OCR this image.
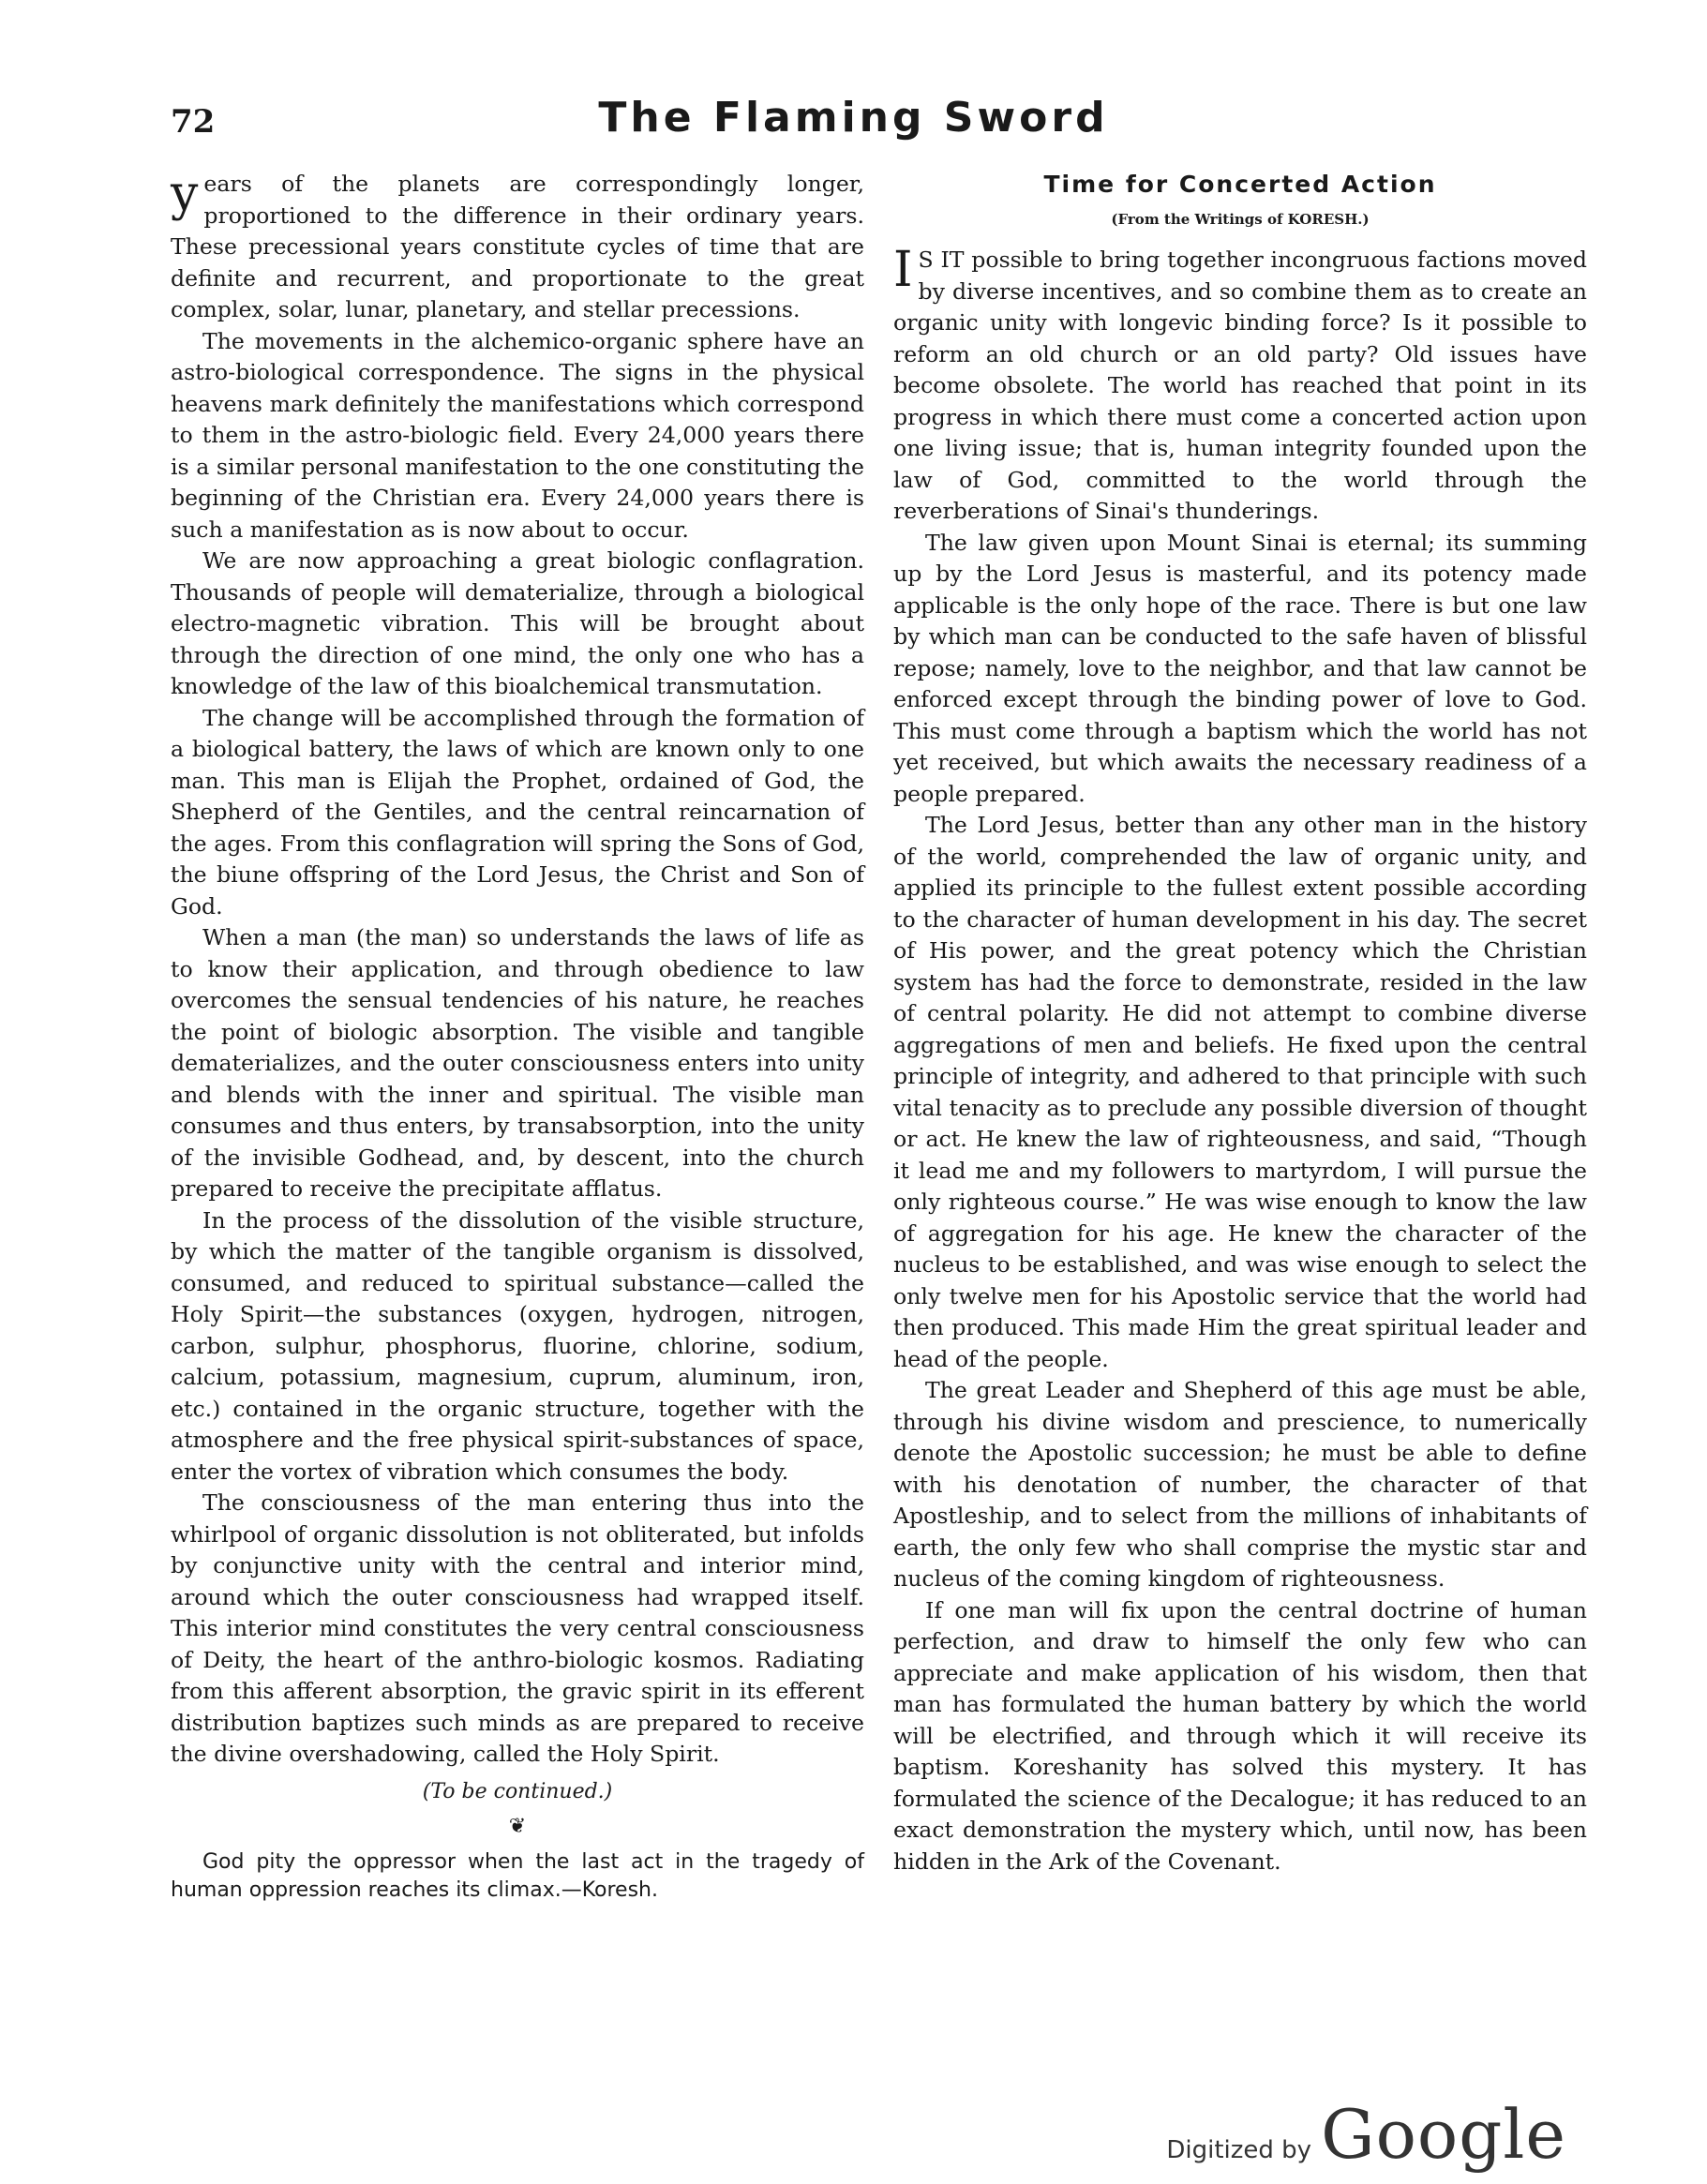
72	The Flaming Sword

years of the planets are correspondingly longer, proportioned to the difference in their ordinary years. These precessional years constitute cycles of time that are definite and recurrent, and proportionate to the great complex, solar, lunar, planetary, and stellar precessions.

The movements in the alchemico-organic sphere have an astro-biological correspondence. The signs in the physical heavens mark definitely the manifestations which correspond to them in the astro-biologic field. Every 24,000 years there is a similar personal manifestation to the one constituting the beginning of the Christian era. Every 24,000 years there is such a manifestation as is now about to occur.

We are now approaching a great biologic conflagration. Thousands of people will dematerialize, through a biological electro-magnetic vibration. This will be brought about through the direction of one mind, the only one who has a knowledge of the law of this bioalchemical transmutation.

The change will be accomplished through the formation of a biological battery, the laws of which are known only to one man. This man is Elijah the Prophet, ordained of God, the Shepherd of the Gentiles, and the central reincarnation of the ages. From this conflagration will spring the Sons of God, the biune offspring of the Lord Jesus, the Christ and Son of God.

When a man (the man) so understands the laws of life as to know their application, and through obedience to law overcomes the sensual tendencies of his nature, he reaches the point of biologic absorption. The visible and tangible dematerializes, and the outer consciousness enters into unity and blends with the inner and spiritual. The visible man consumes and thus enters, by transabsorption, into the unity of the invisible Godhead, and, by descent, into the church prepared to receive the precipitate afflatus.

In the process of the dissolution of the visible structure, by which the matter of the tangible organism is dissolved, consumed, and reduced to spiritual substance—called the Holy Spirit—the substances (oxygen, hydrogen, nitrogen, carbon, sulphur, phosphorus, fluorine, chlorine, sodium, calcium, potassium, magnesium, cuprum, aluminum, iron, etc.) contained in the organic structure, together with the atmosphere and the free physical spirit-substances of space, enter the vortex of vibration which consumes the body.

The consciousness of the man entering thus into the whirlpool of organic dissolution is not obliterated, but infolds by conjunctive unity with the central and interior mind, around which the outer consciousness had wrapped itself. This interior mind constitutes the very central consciousness of Deity, the heart of the anthro-biologic kosmos. Radiating from this afferent absorption, the gravic spirit in its efferent distribution baptizes such minds as are prepared to receive the divine overshadowing, called the Holy Spirit.

(To be continued.)
❦
God pity the oppressor when the last act in the tragedy of human oppression reaches its climax.—Koresh.
Time for Concerted Action
(From the Writings of KORESH.)

IS IT possible to bring together incongruous factions moved by diverse incentives, and so combine them as to create an organic unity with longevic binding force? Is it possible to reform an old church or an old party? Old issues have become obsolete. The world has reached that point in its progress in which there must come a concerted action upon one living issue; that is, human integrity founded upon the law of God, committed to the world through the reverberations of Sinai's thunderings.

The law given upon Mount Sinai is eternal; its summing up by the Lord Jesus is masterful, and its potency made applicable is the only hope of the race. There is but one law by which man can be conducted to the safe haven of blissful repose; namely, love to the neighbor, and that law cannot be enforced except through the binding power of love to God. This must come through a baptism which the world has not yet received, but which awaits the necessary readiness of a people prepared.

The Lord Jesus, better than any other man in the history of the world, comprehended the law of organic unity, and applied its principle to the fullest extent possible according to the character of human development in his day. The secret of His power, and the great potency which the Christian system has had the force to demonstrate, resided in the law of central polarity. He did not attempt to combine diverse aggregations of men and beliefs. He fixed upon the central principle of integrity, and adhered to that principle with such vital tenacity as to preclude any possible diversion of thought or act. He knew the law of righteousness, and said, “Though it lead me and my followers to martyrdom, I will pursue the only righteous course.” He was wise enough to know the law of aggregation for his age. He knew the character of the nucleus to be established, and was wise enough to select the only twelve men for his Apostolic service that the world had then produced. This made Him the great spiritual leader and head of the people.

The great Leader and Shepherd of this age must be able, through his divine wisdom and prescience, to numerically denote the Apostolic succession; he must be able to define with his denotation of number, the character of that Apostleship, and to select from the millions of inhabitants of earth, the only few who shall comprise the mystic star and nucleus of the coming kingdom of righteousness.

If one man will fix upon the central doctrine of human perfection, and draw to himself the only few who can appreciate and make application of his wisdom, then that man has formulated the human battery by which the world will be electrified, and through which it will receive its baptism. Koreshanity has solved this mystery. It has formulated the science of the Decalogue; it has reduced to an exact demonstration the mystery which, until now, has been hidden in the Ark of the Covenant.

Digitized by Google
